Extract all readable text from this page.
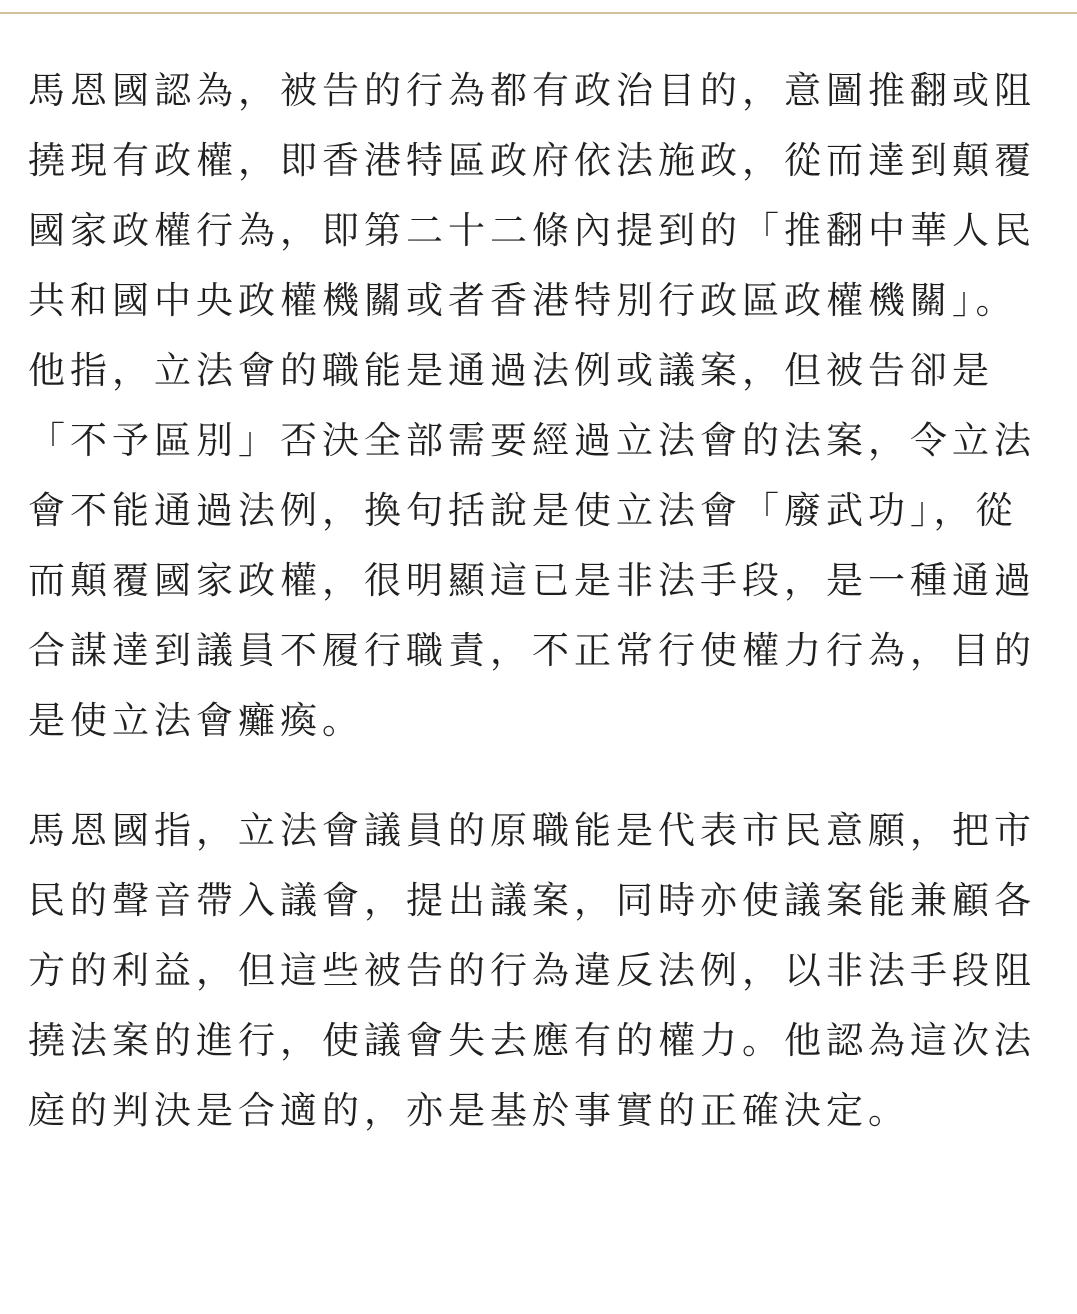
馬恩國認為，被告的行為都有政治目的，意圖推翻或阻撓現有政權，即香港特區政府依法施政，從而達到顛覆國家政權行為，即第二十二條內提到的「推翻中華人民共和國中央政權機關或者香港特別行政區政權機關」。他指，立法會的職能是通過法例或議案，但被告卻是「不予區別」否決全部需要經過立法會的法案，令立法會不能通過法例，換句括說是使立法會「廢武功」，從而顛覆國家政權，很明顯這已是非法手段，是一種通過合謀達到議員不履行職責，不正常行使權力行為，目的是使立法會癱瘓。

馬恩國指，立法會議員的原職能是代表市民意願，把市民的聲音帶入議會，提出議案，同時亦使議案能兼顧各方的利益，但這些被告的行為違反法例，以非法手段阻撓法案的進行，使議會失去應有的權力。他認為這次法庭的判決是合適的，亦是基於事實的正確決定。
